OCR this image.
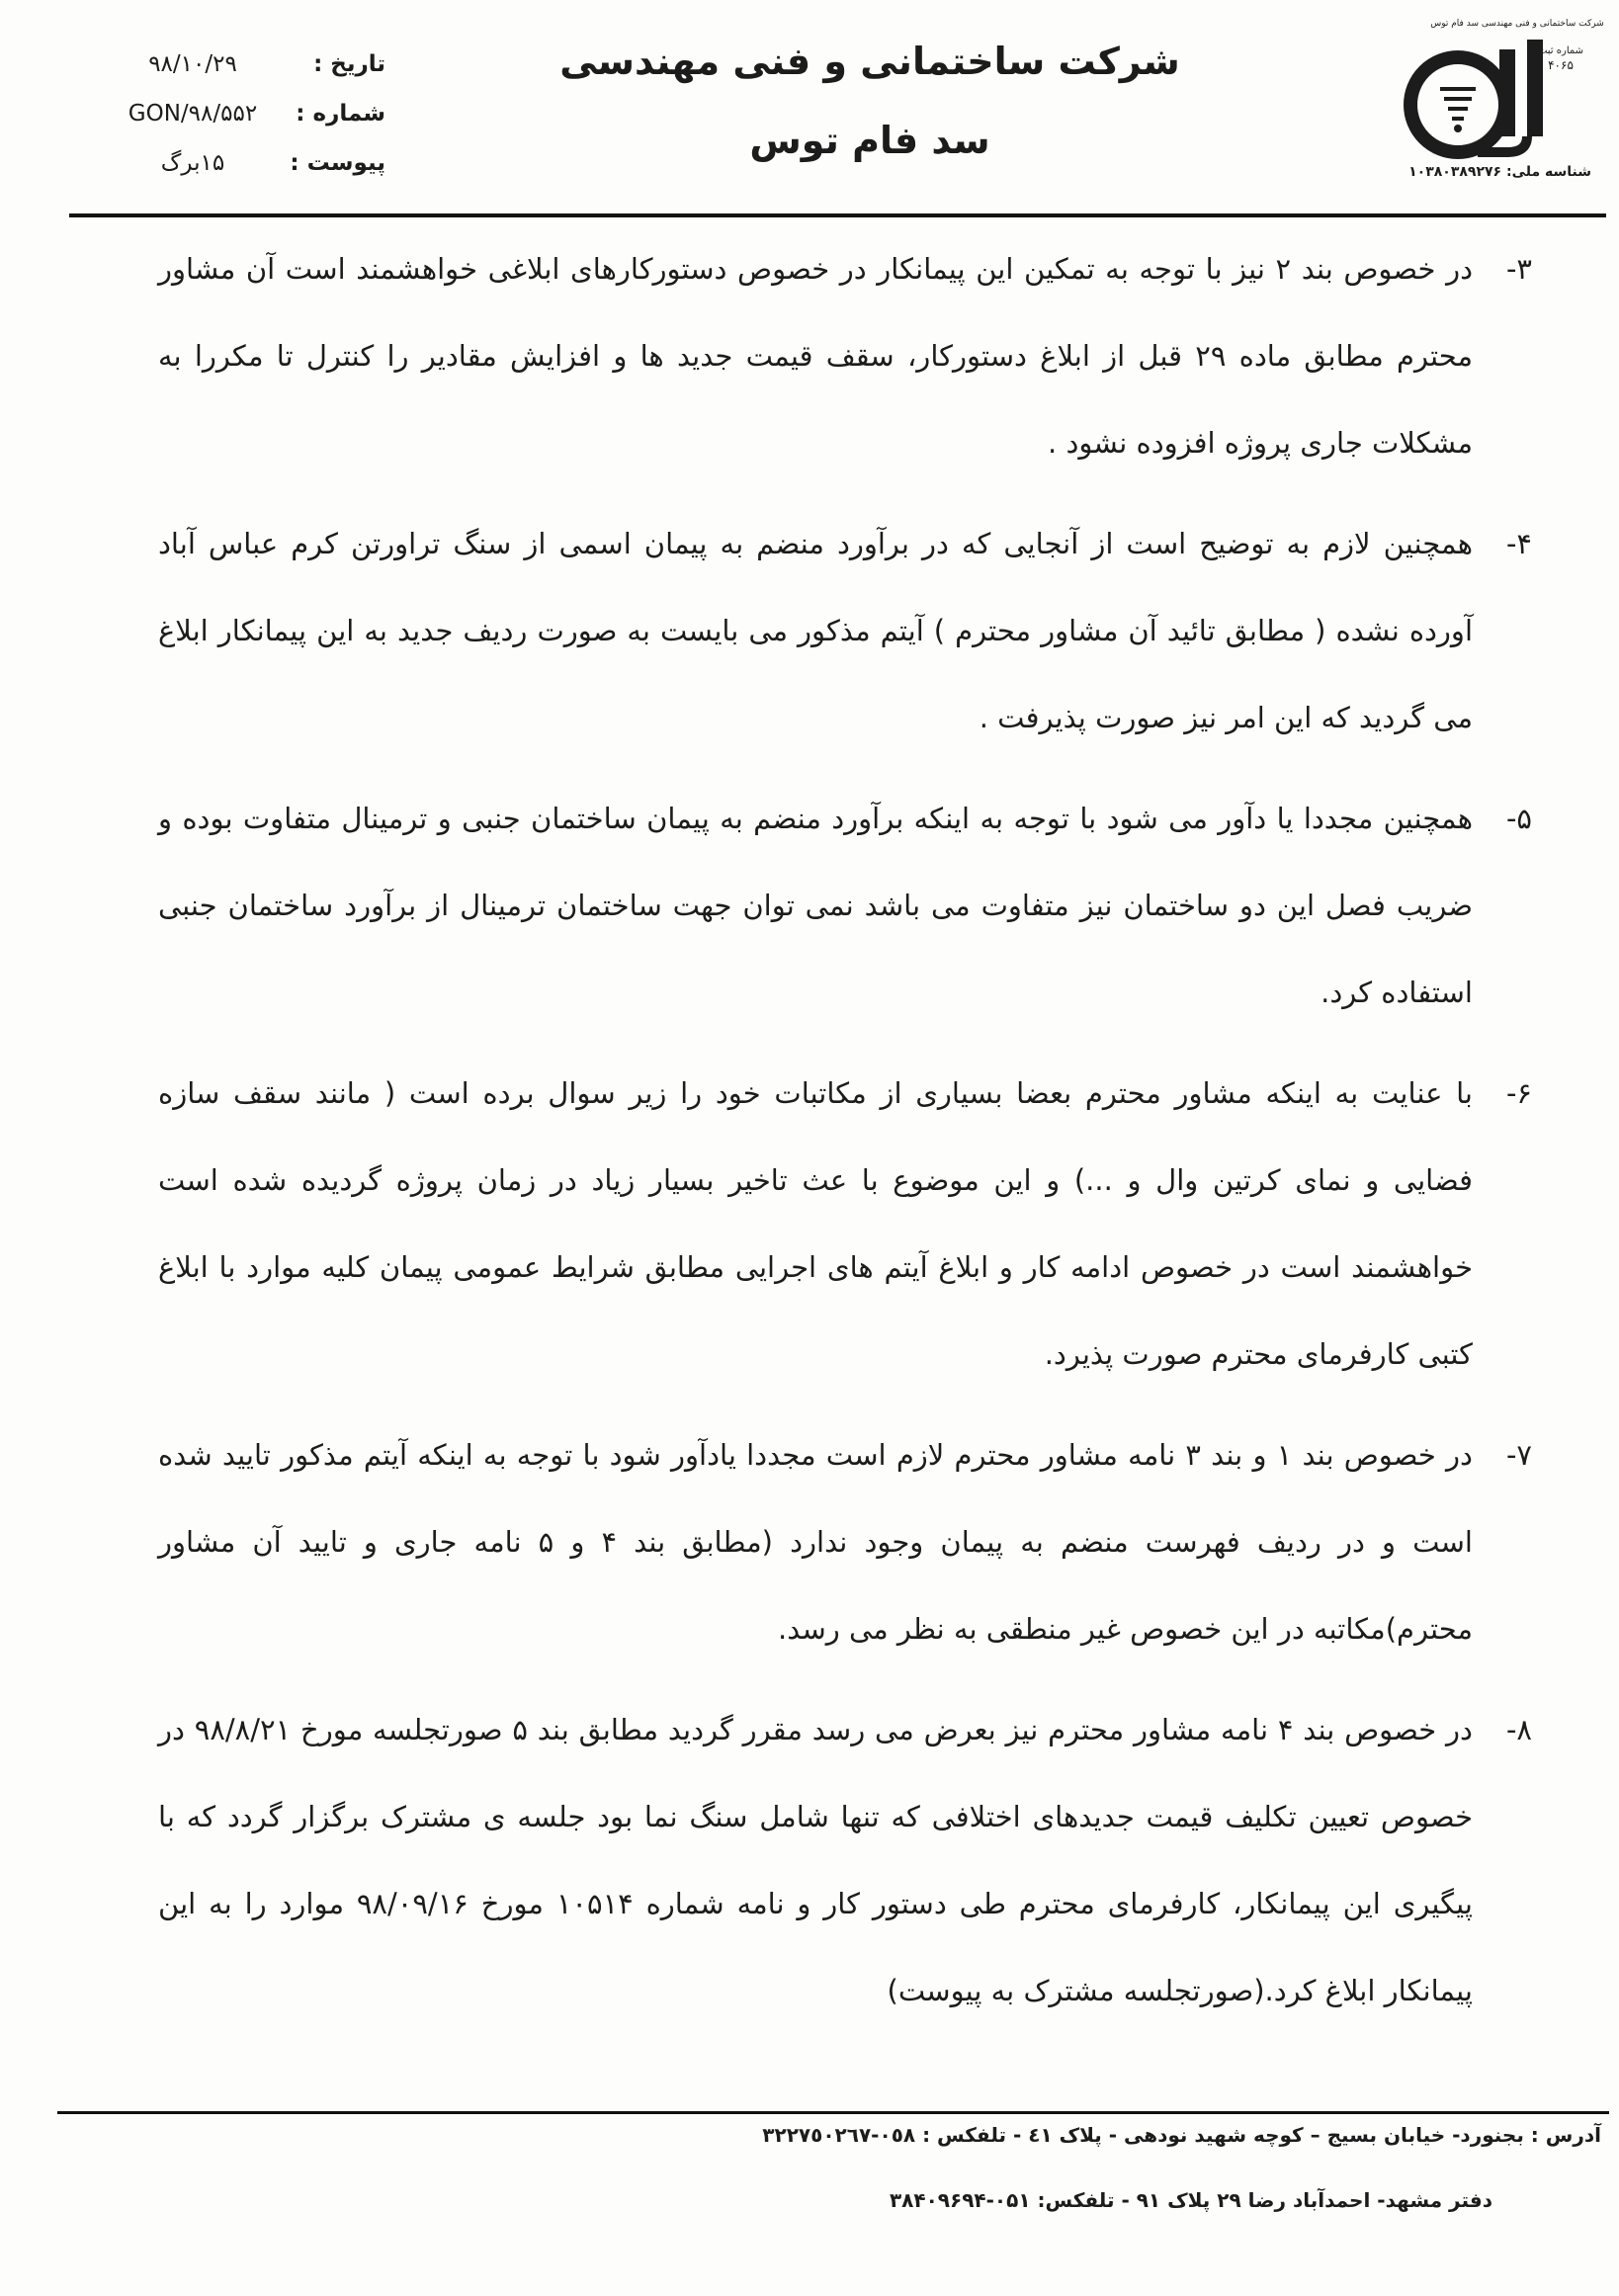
شرکت ساختمانی و فنی مهندسی سد فام توس
شماره ثبت
۴۰۶۵
شناسه ملی: ۱۰۳۸۰۳۸۹۲۷۶
شرکت ساختمانی و فنی مهندسی
سد فام توس
تاریخ :
۹۸/۱۰/۲۹
شماره :
GON/۹۸/۵۵۲
پیوست :
۱۵برگ
۳-
در خصوص بند ۲ نیز با توجه به تمکین این پیمانکار در خصوص دستورکارهای ابلاغی خواهشمند است آن مشاور محترم مطابق ماده ۲۹ قبل از ابلاغ دستورکار، سقف قیمت جدید ها و افزایش مقادیر را کنترل تا مکررا به مشکلات جاری پروژه افزوده نشود .
۴-
همچنین لازم به توضیح است از آنجایی که در برآورد منضم به پیمان اسمی از سنگ تراورتن کرم عباس آباد آورده نشده ( مطابق تائید آن مشاور محترم ) آیتم مذکور می بایست به صورت ردیف جدید به این پیمانکار ابلاغ می گردید که این امر نیز صورت پذیرفت .
۵-
همچنین مجددا یا دآور می شود با توجه به اینکه برآورد منضم به پیمان ساختمان جنبی و ترمینال متفاوت بوده و ضریب فصل این دو ساختمان نیز متفاوت می باشد نمی توان جهت ساختمان ترمینال از برآورد ساختمان جنبی استفاده کرد.
۶-
با عنایت به اینکه مشاور محترم بعضا بسیاری از مکاتبات خود را زیر سوال برده است ( مانند سقف سازه فضایی و نمای کرتین وال و ...) و این موضوع با عث تاخیر بسیار زیاد در زمان پروژه گردیده شده است خواهشمند است در خصوص ادامه کار و ابلاغ آیتم های اجرایی مطابق شرایط عمومی پیمان کلیه موارد با ابلاغ کتبی کارفرمای محترم صورت پذیرد.
۷-
در خصوص بند ۱ و بند ۳ نامه مشاور محترم لازم است مجددا یادآور شود با توجه به اینکه آیتم مذکور تایید شده است و در ردیف فهرست منضم به پیمان وجود ندارد (مطابق بند ۴ و ۵ نامه جاری و تایید آن مشاور محترم)مکاتبه در این خصوص غیر منطقی به نظر می رسد.
۸-
در خصوص بند ۴ نامه مشاور محترم نیز بعرض می رسد مقرر گردید مطابق بند ۵ صورتجلسه مورخ ۹۸/۸/۲۱ در خصوص تعیین تکلیف قیمت جدیدهای اختلافی که تنها شامل سنگ نما بود جلسه ی مشترک برگزار گردد که با پیگیری این پیمانکار، کارفرمای محترم طی دستور کار و نامه شماره ۱۰۵۱۴ مورخ ۹۸/۰۹/۱۶ موارد را به این پیمانکار ابلاغ کرد.(صورتجلسه مشترک به پیوست)
آدرس : بجنورد- خیابان بسیج – کوچه شهید نودهی - پلاک ٤١ - تلفکس : ٠٥٨-٣٢٢٧٥٠٢٦٧
دفتر مشهد- احمدآباد رضا ۲۹ پلاک ۹۱ - تلفکس: ۰۵۱-۳۸۴۰۹۶۹۴
